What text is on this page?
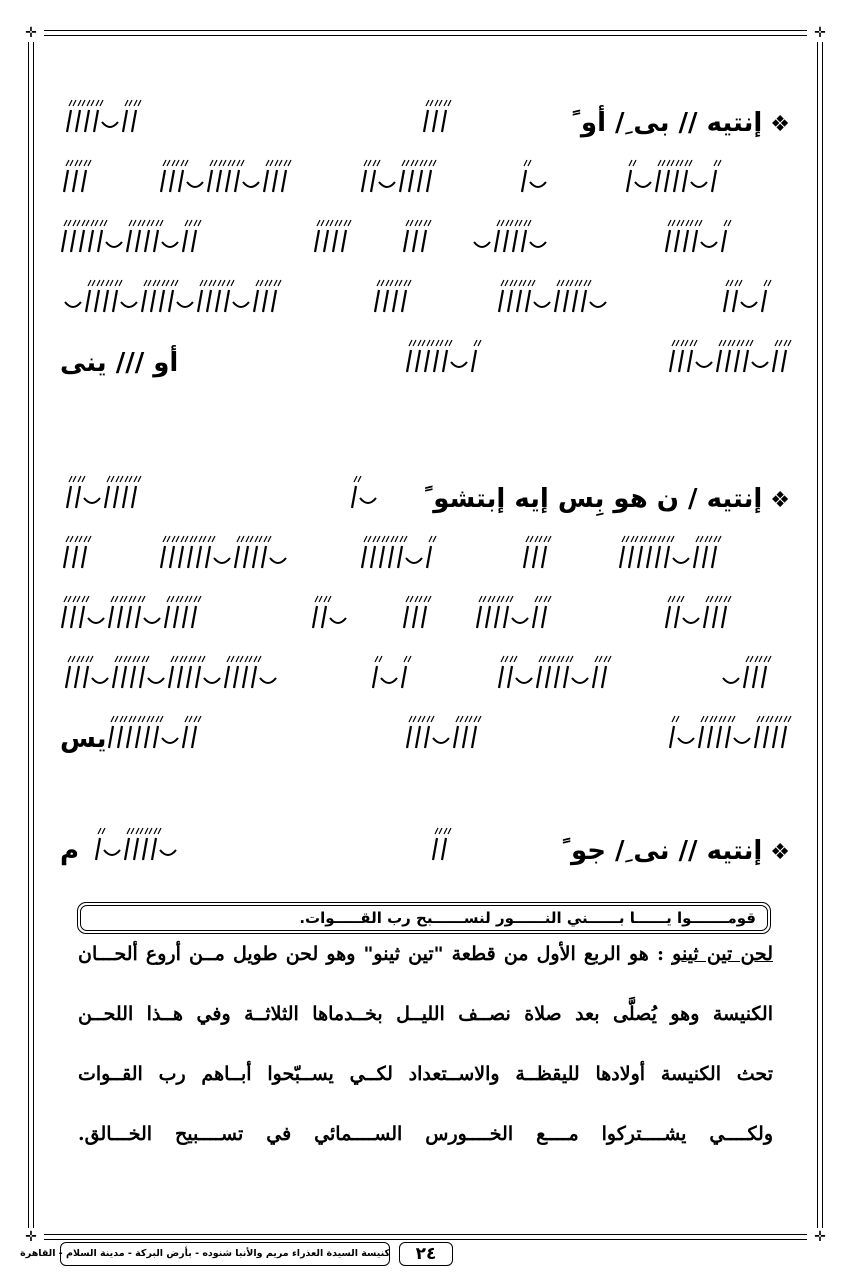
✛	✛
✛	✛
❖إنتيه // بى ِ/ أو ً
أو /// ينى
❖إنتيه / ن هو بِس إيه إبتشو ً
يس
❖إنتيه // نى ِ/ جو ً
م
قومـــــــوا يــــــا بــــــني النــــــور لنســــــبح رب القـــــوات.
لحن تين ثينو : هو الربع الأول من قطعة "تين ثينو" وهو لحن طويل مــن أروع ألحـــان
الكنيسة وهو يُصلَّى بعد صلاة نصــف الليــل بخــدماها الثلاثــة وفي هــذا اللحــن
تحث الكنيسة أولادها لليقظــة والاســتعداد لكــي يســبّحوا أبــاهم رب القــوات
ولكــــي يشــــتركوا مــــع الخــــورس الســــمائي في تســــبيح الخـــالق.
كنيسة السيدة العذراء مريم والأنبا شنوده - بأرض البركة - مدينة السلام - القاهرة	٢٤
